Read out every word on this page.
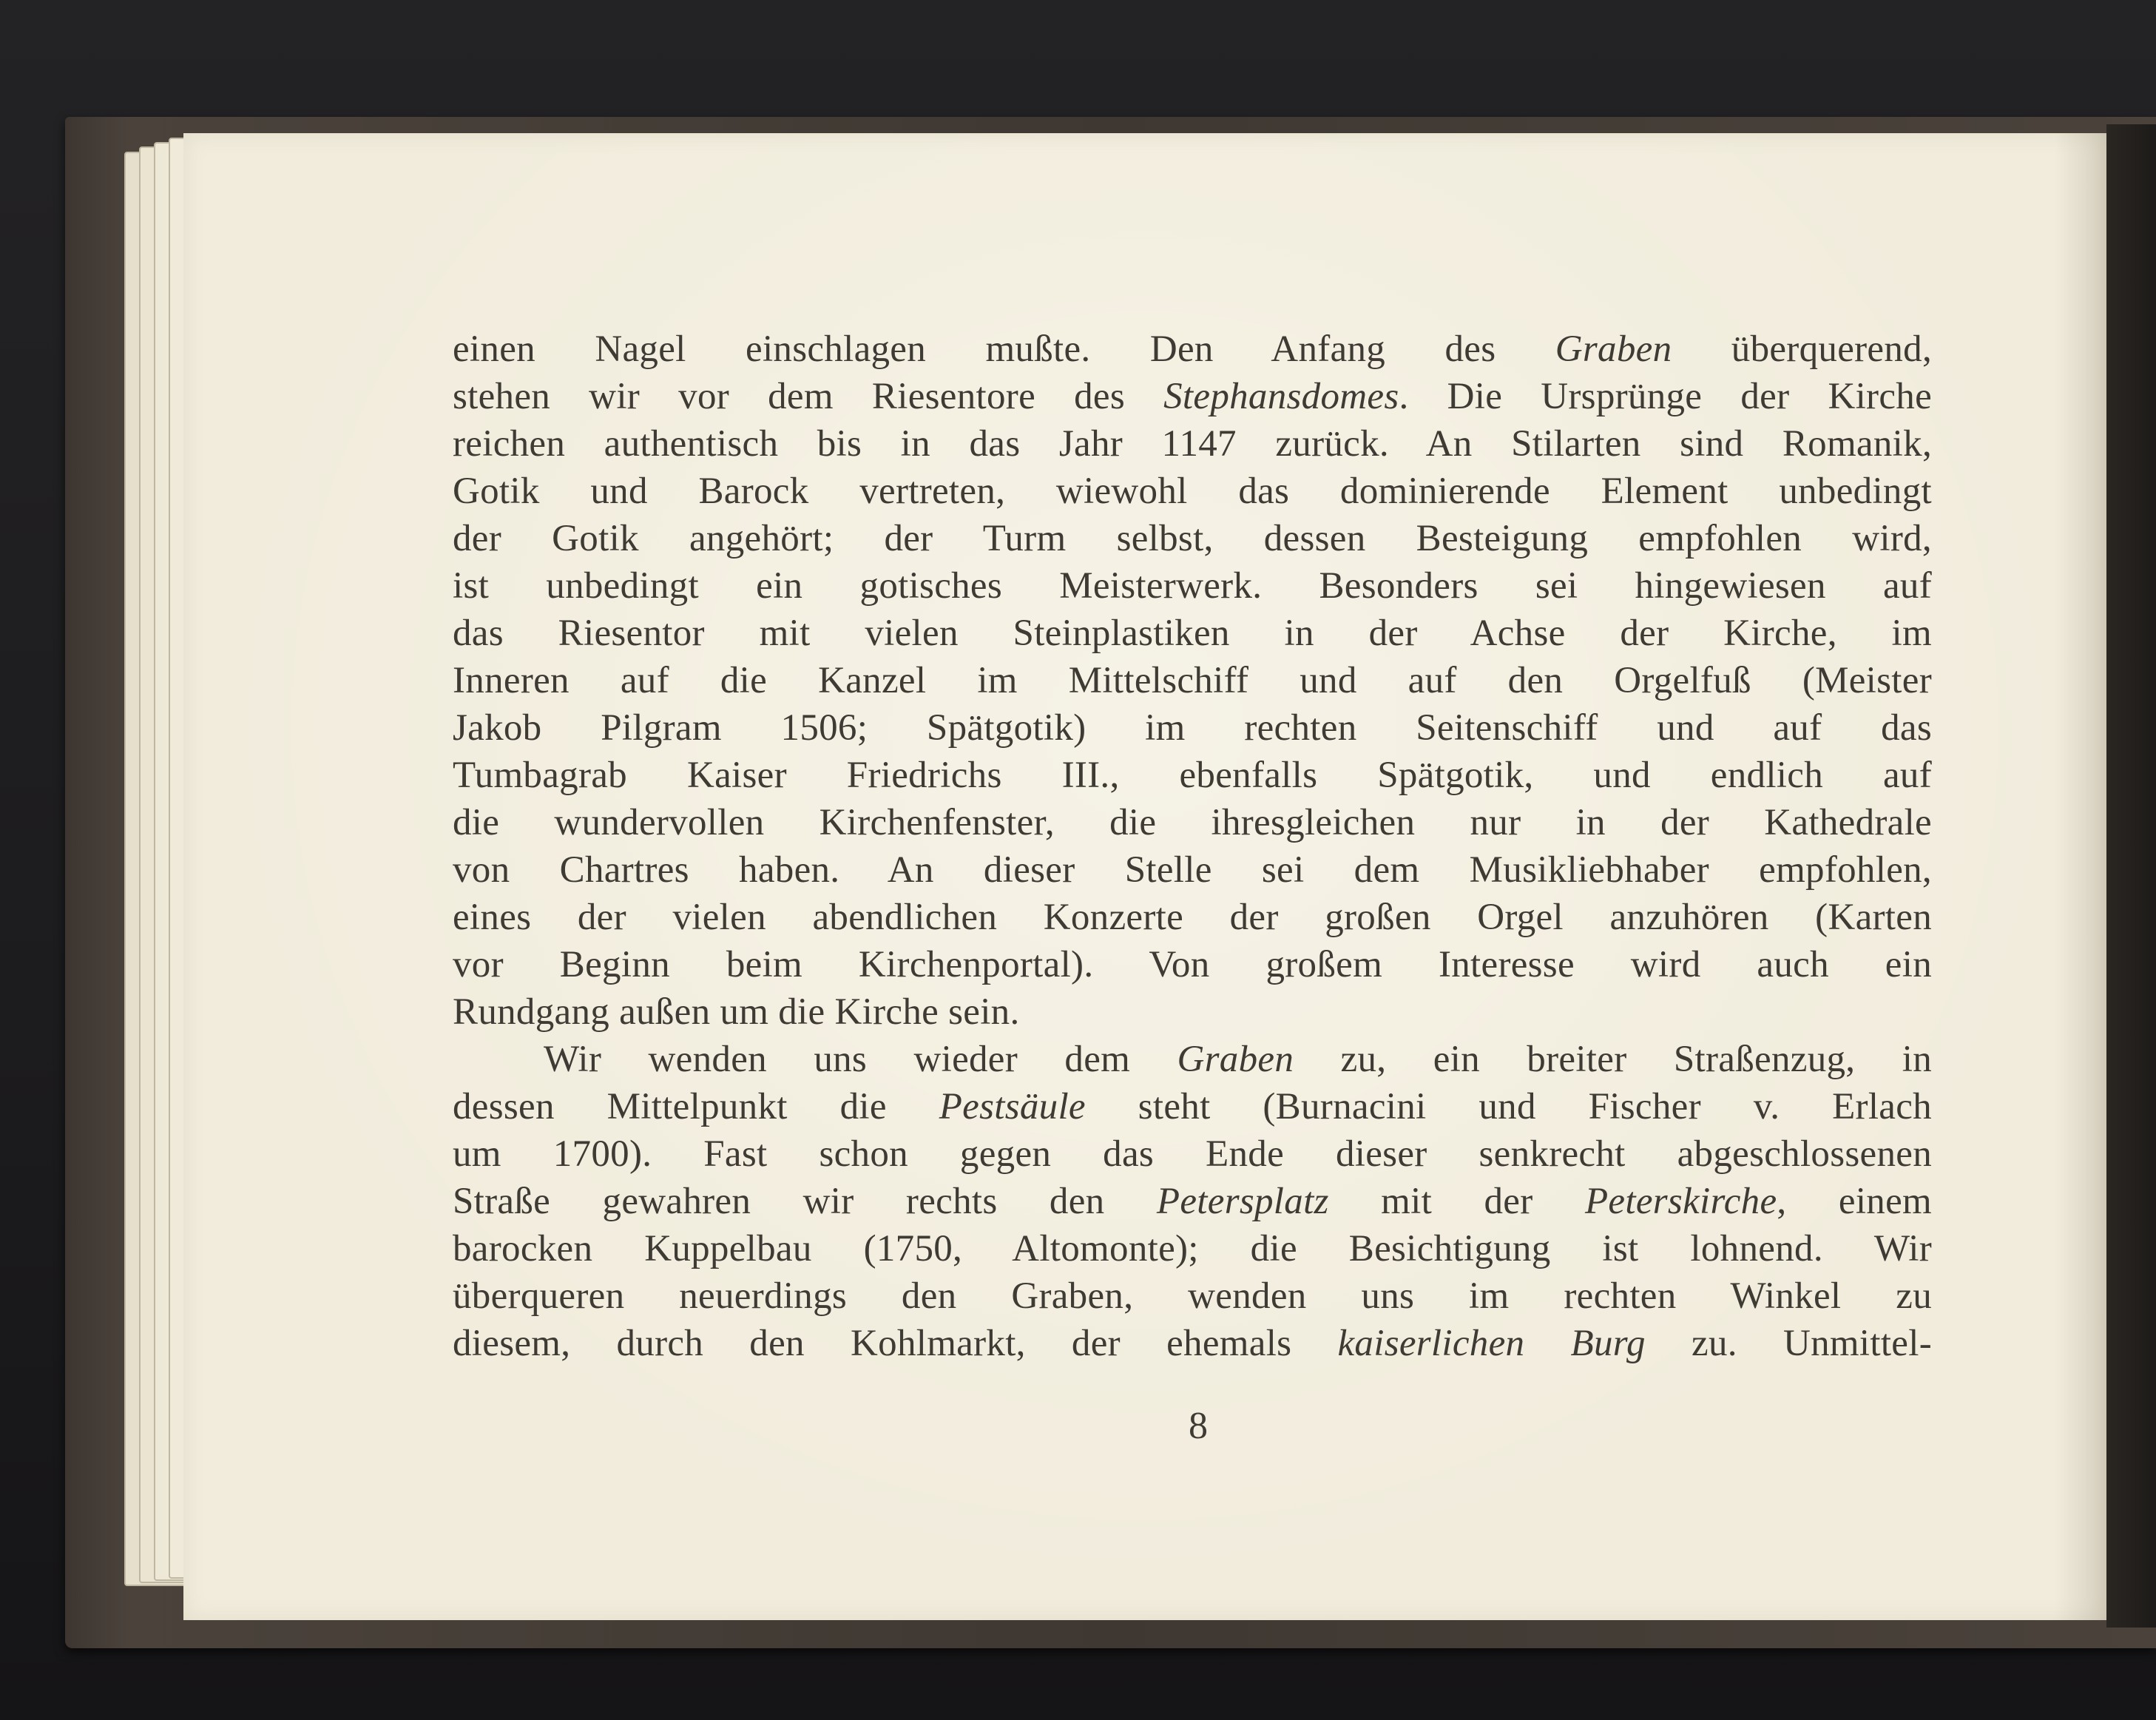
einen Nagel einschlagen mußte. Den Anfang des Graben überquerend,
stehen wir vor dem Riesentore des Stephansdomes. Die Ursprünge der Kirche
reichen authentisch bis in das Jahr 1147 zurück. An Stilarten sind Romanik,
Gotik und Barock vertreten, wiewohl das dominierende Element unbedingt
der Gotik angehört; der Turm selbst, dessen Besteigung empfohlen wird,
ist unbedingt ein gotisches Meisterwerk. Besonders sei hingewiesen auf
das Riesentor mit vielen Steinplastiken in der Achse der Kirche, im
Inneren auf die Kanzel im Mittelschiff und auf den Orgelfuß (Meister
Jakob Pilgram 1506; Spätgotik) im rechten Seitenschiff und auf das
Tumbagrab Kaiser Friedrichs III., ebenfalls Spätgotik, und endlich auf
die wundervollen Kirchenfenster, die ihresgleichen nur in der Kathedrale
von Chartres haben. An dieser Stelle sei dem Musikliebhaber empfohlen,
eines der vielen abendlichen Konzerte der großen Orgel anzuhören (Karten
vor Beginn beim Kirchenportal). Von großem Interesse wird auch ein
Rundgang außen um die Kirche sein.
Wir wenden uns wieder dem Graben zu, ein breiter Straßenzug, in
dessen Mittelpunkt die Pestsäule steht (Burnacini und Fischer v. Erlach
um 1700). Fast schon gegen das Ende dieser senkrecht abgeschlossenen
Straße gewahren wir rechts den Petersplatz mit der Peterskirche, einem
barocken Kuppelbau (1750, Altomonte); die Besichtigung ist lohnend. Wir
überqueren neuerdings den Graben, wenden uns im rechten Winkel zu
diesem, durch den Kohlmarkt, der ehemals kaiserlichen Burg zu. Unmittel-
8
